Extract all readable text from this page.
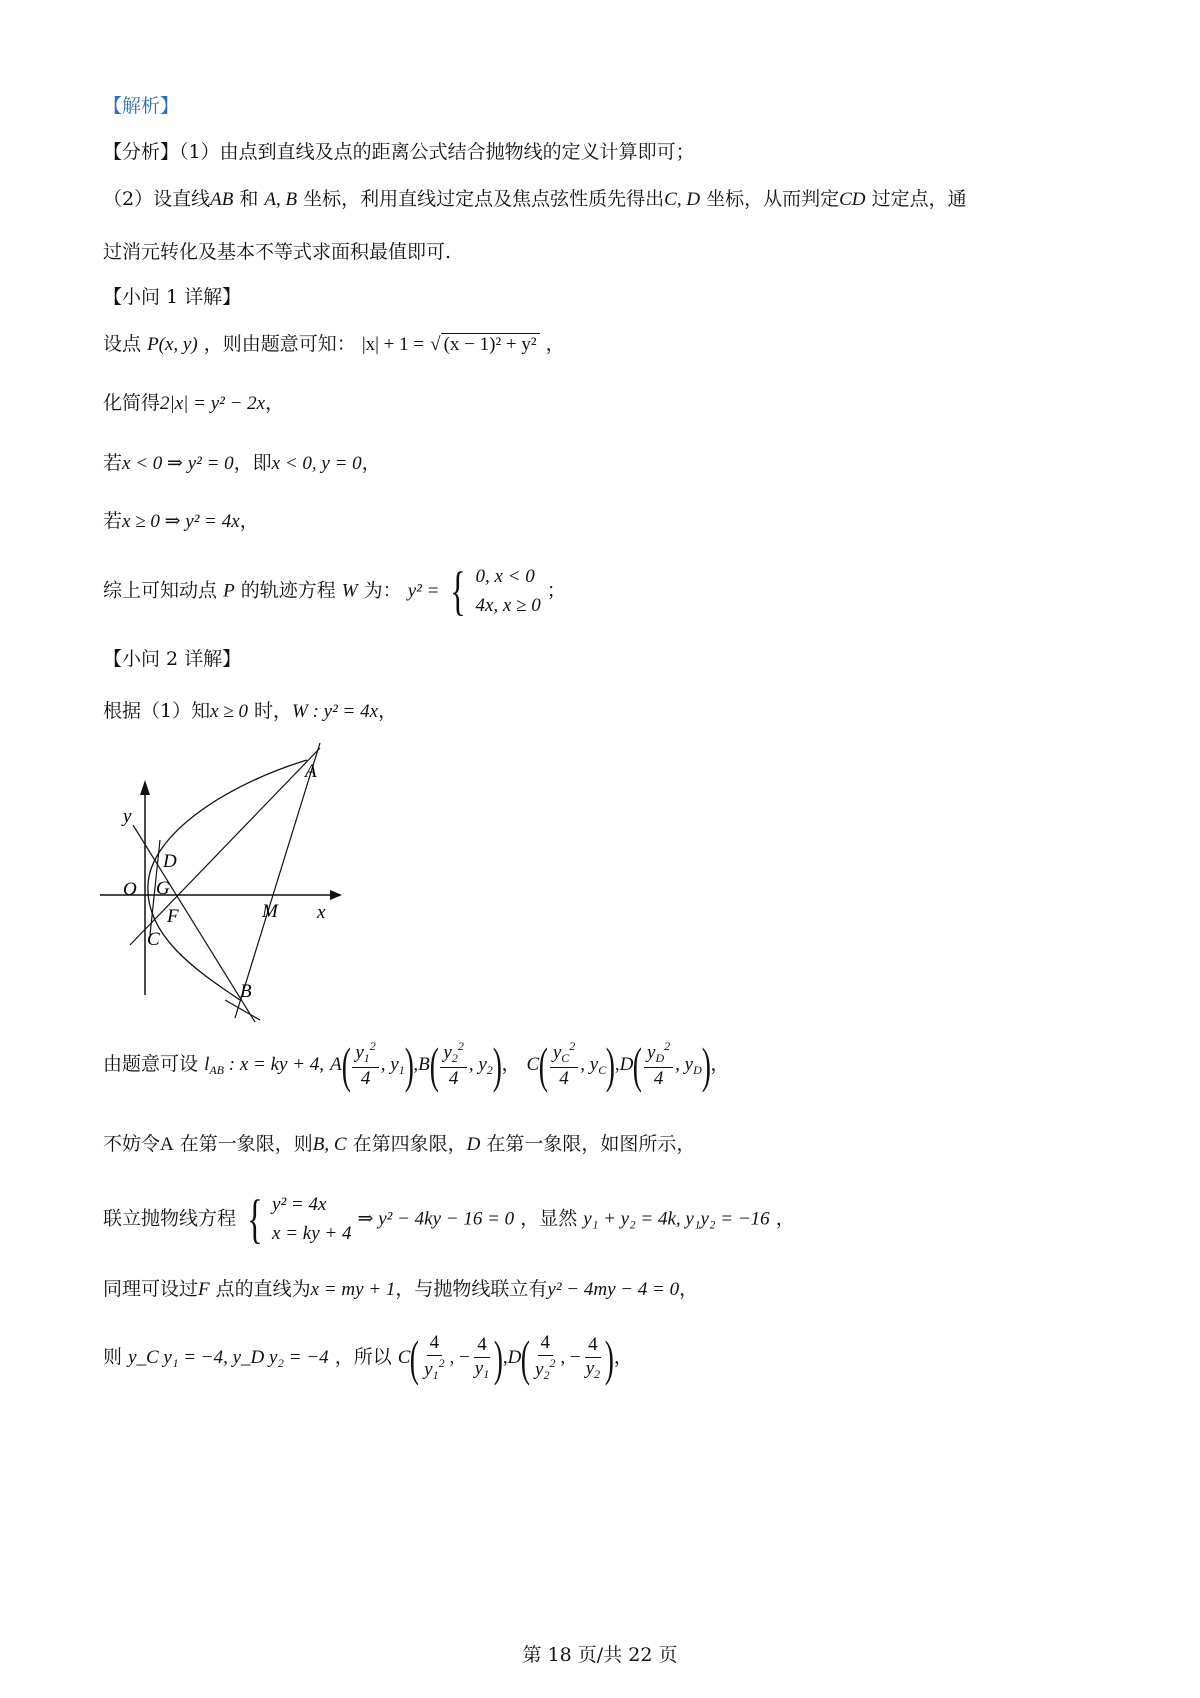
【解析】
【分析】（1）由点到直线及点的距离公式结合抛物线的定义计算即可；
（2）设直线AB 和 A, B 坐标，利用直线过定点及焦点弦性质先得出C, D 坐标，从而判定CD 过定点，通
过消元转化及基本不等式求面积最值即可.
【小问 1 详解】
设点 P(x, y) ，则由题意可知： |x| + 1 = √ (x − 1)² + y² ，
化简得2|x| = y² − 2x，
若x < 0 ⇒ y² = 0，即x < 0, y = 0，
若x ≥ 0 ⇒ y² = 4x，
综上可知动点 P 的轨迹方程 W 为： y² = { 0, x < 0
4x, x ≥ 0
；
【小问 2 详解】
根据（1）知x ≥ 0 时，W : y² = 4x，
y
x
O
A
B
C
D
F
G
M
由题意可设 $l_{AB}$ : x = ky + 4, $A( \frac{y_1^2}{4}$ , $y_1),B( \frac{y_2^2}{4}$ , $y_2$)， $C( \frac{y_C^2}{4}$ , $y_C),D( \frac{y_D^2}{4}$ , $y_D$)，
不妨令A 在第一象限，则B, C 在第四象限，D 在第一象限，如图所示，
联立抛物线方程 { y² = 4x
x = ky + 4
⇒ y² − 4ky − 16 = 0 ，显然 y₁ + y₂ = 4k, y₁y₂ = −16 ，
同理可设过F 点的直线为x = my + 1，与抛物线联立有y² − 4my − 4 = 0，
则 y_C y₁ = −4, y_D y₂ = −4 ，所以 $C( \frac{4}{y_1^2}$ , − $\frac{4}{y_1} ),D( \frac{4}{y_2^2}$ , − $\frac{4}{y_2}$ )，
第 18 页/共 22 页
